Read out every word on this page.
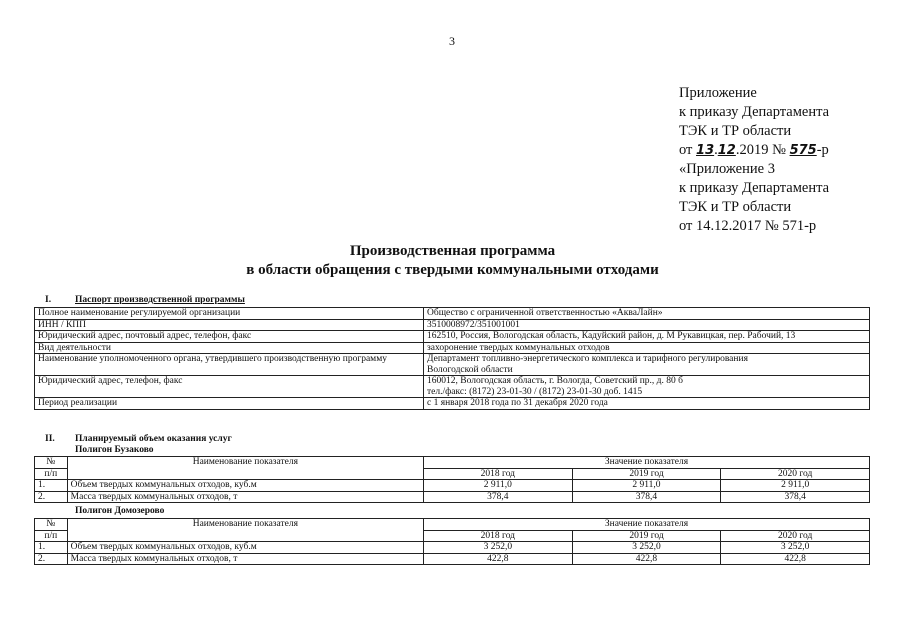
3
Приложение
к приказу Департамента
ТЭК и ТР области
от 13.12.2019 № 575-р
«Приложение 3
к приказу Департамента
ТЭК и ТР области
от 14.12.2017 № 571-р
Производственная программа
в области обращения с твердыми коммунальными отходами
I.	Паспорт производственной программы
Полное наименование регулируемой организации	Общество с ограниченной ответственностью «АкваЛайн»

ИНН / КПП	3510008972/351001001

Юридический адрес, почтовый адрес, телефон, факс	162510, Россия, Вологодская область, Кадуйский район, д. М Рукавицкая, пер. Рабочий, 13

Вид деятельности	захоронение твердых коммунальных отходов

Наименование уполномоченного органа, утвердившего производственную программу	Департамент топливно-энергетического комплекса и тарифного регулирования
Вологодской области

Юридический адрес, телефон, факс	160012, Вологодская область, г. Вологда, Советский пр., д. 80 б
тел./факс: (8172) 23-01-30 / (8172) 23-01-30 доб. 1415

Период реализации	с 1 января 2018 года по 31 декабря 2020 года
II. Планируемый объем оказания услуг
Полигон Бузаково
№	Наименование показателя	Значение показателя		
п/п		2018 год	2019 год	2020 год
1.	Объем твердых коммунальных отходов, куб.м	2 911,0	2 911,0	2 911,0
2.	Масса твердых коммунальных отходов, т	378,4	378,4	378,4
Полигон Домозерово
№	Наименование показателя	Значение показателя		
п/п		2018 год	2019 год	2020 год
1.	Объем твердых коммунальных отходов, куб.м	3 252,0	3 252,0	3 252,0
2.	Масса твердых коммунальных отходов, т	422,8	422,8	422,8
